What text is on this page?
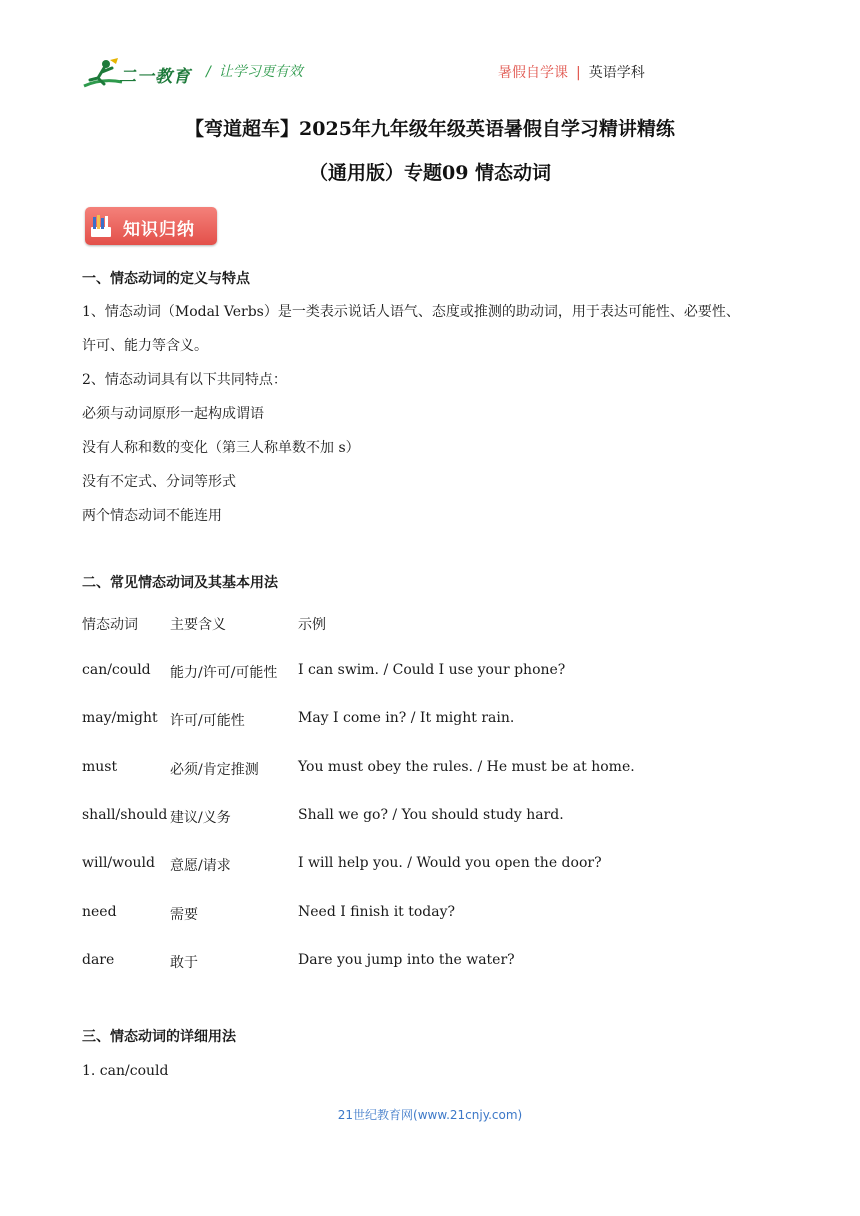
二一教育 / 让学习更有效	暑假自学课 | 英语学科
【弯道超车】2025年九年级年级英语暑假自学习精讲精练
（通用版）专题09 情态动词
知识归纳
一、情态动词的定义与特点
1、情态动词（Modal Verbs）是一类表示说话人语气、态度或推测的助动词，用于表达可能性、必要性、
许可、能力等含义。
2、情态动词具有以下共同特点：
必须与动词原形一起构成谓语
没有人称和数的变化（第三人称单数不加 s）
没有不定式、分词等形式
两个情态动词不能连用
二、常见情态动词及其基本用法
情态动词 主要含义	示例
can/could 能力/许可/可能性 I can swim. / Could I use your phone?
may/might 许可/可能性	May I come in? / It might rain.
must	必须/肯定推测	You must obey the rules. / He must be at home.
shall/should 建议/义务	Shall we go? / You should study hard.
will/would 意愿/请求	I will help you. / Would you open the door?
need	需要	Need I finish it today?
dare	敢于	Dare you jump into the water?
三、情态动词的详细用法
1. can/could
21世纪教育网(www.21cnjy.com)
